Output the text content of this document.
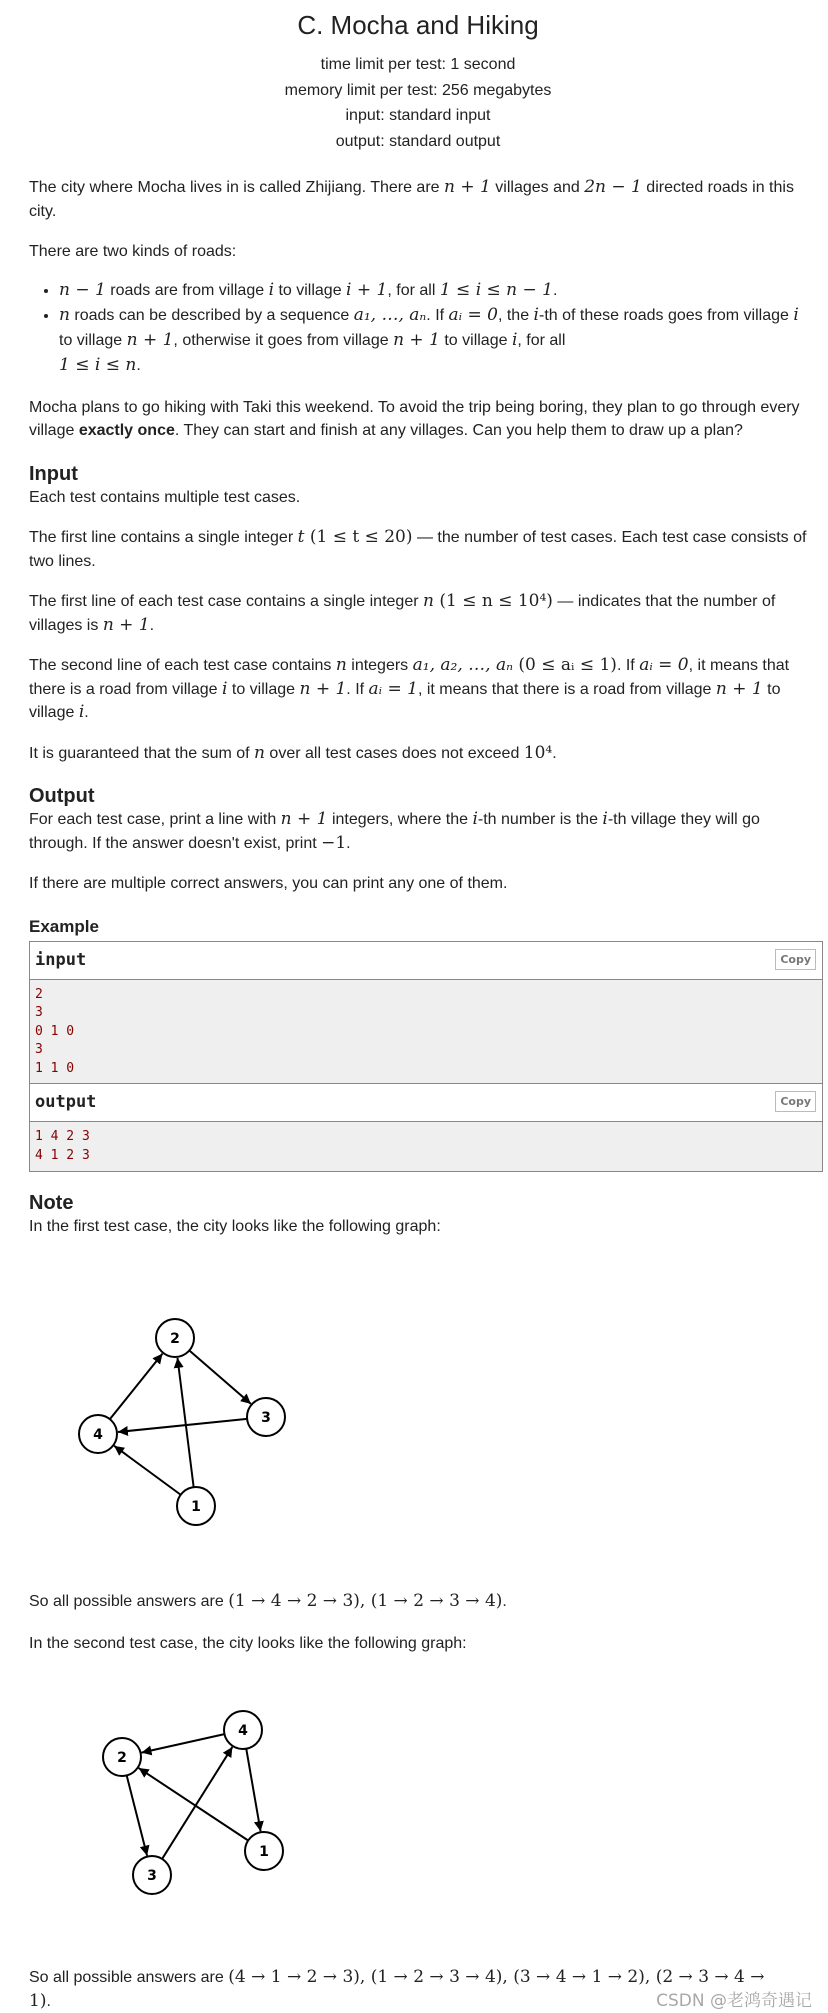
C. Mocha and Hiking
time limit per test: 1 second
memory limit per test: 256 megabytes
input: standard input
output: standard output

The city where Mocha lives in is called Zhijiang. There are n + 1 villages and 2n − 1 directed roads in this city.

There are two kinds of roads:

• n − 1 roads are from village i to village i + 1, for all 1 ≤ i ≤ n − 1.
• n roads can be described by a sequence a₁, …, aₙ. If aᵢ = 0, the i-th of these roads goes from village i to village n + 1, otherwise it goes from village n + 1 to village i, for all
1 ≤ i ≤ n.

Mocha plans to go hiking with Taki this weekend. To avoid the trip being boring, they plan to go through every village exactly once. They can start and finish at any villages. Can you help them to draw up a plan?

Input

Each test contains multiple test cases.

The first line contains a single integer t (1 ≤ t ≤ 20) — the number of test cases. Each test case consists of two lines.

The first line of each test case contains a single integer n (1 ≤ n ≤ 10⁴) — indicates that the number of villages is n + 1.

The second line of each test case contains n integers a₁, a₂, …, aₙ (0 ≤ aᵢ ≤ 1). If aᵢ = 0, it means that there is a road from village i to village n + 1. If aᵢ = 1, it means that there is a road from village n + 1 to village i.

It is guaranteed that the sum of n over all test cases does not exceed 10⁴.

Output

For each test case, print a line with n + 1 integers, where the i-th number is the i-th village they will go through. If the answer doesn't exist, print −1.

If there are multiple correct answers, you can print any one of them.

Example
input	Copy
2
3
0 1 0
3
1 1 0
output	Copy
1 4 2 3
4 1 2 3
Note

In the first test case, the city looks like the following graph:

1
2
3
4

So all possible answers are (1 → 4 → 2 → 3), (1 → 2 → 3 → 4).

In the second test case, the city looks like the following graph:

1
2
3
4

So all possible answers are (4 → 1 → 2 → 3), (1 → 2 → 3 → 4), (3 → 4 → 1 → 2), (2 → 3 → 4 → 1).	CSDN @老鸿奇遇记
